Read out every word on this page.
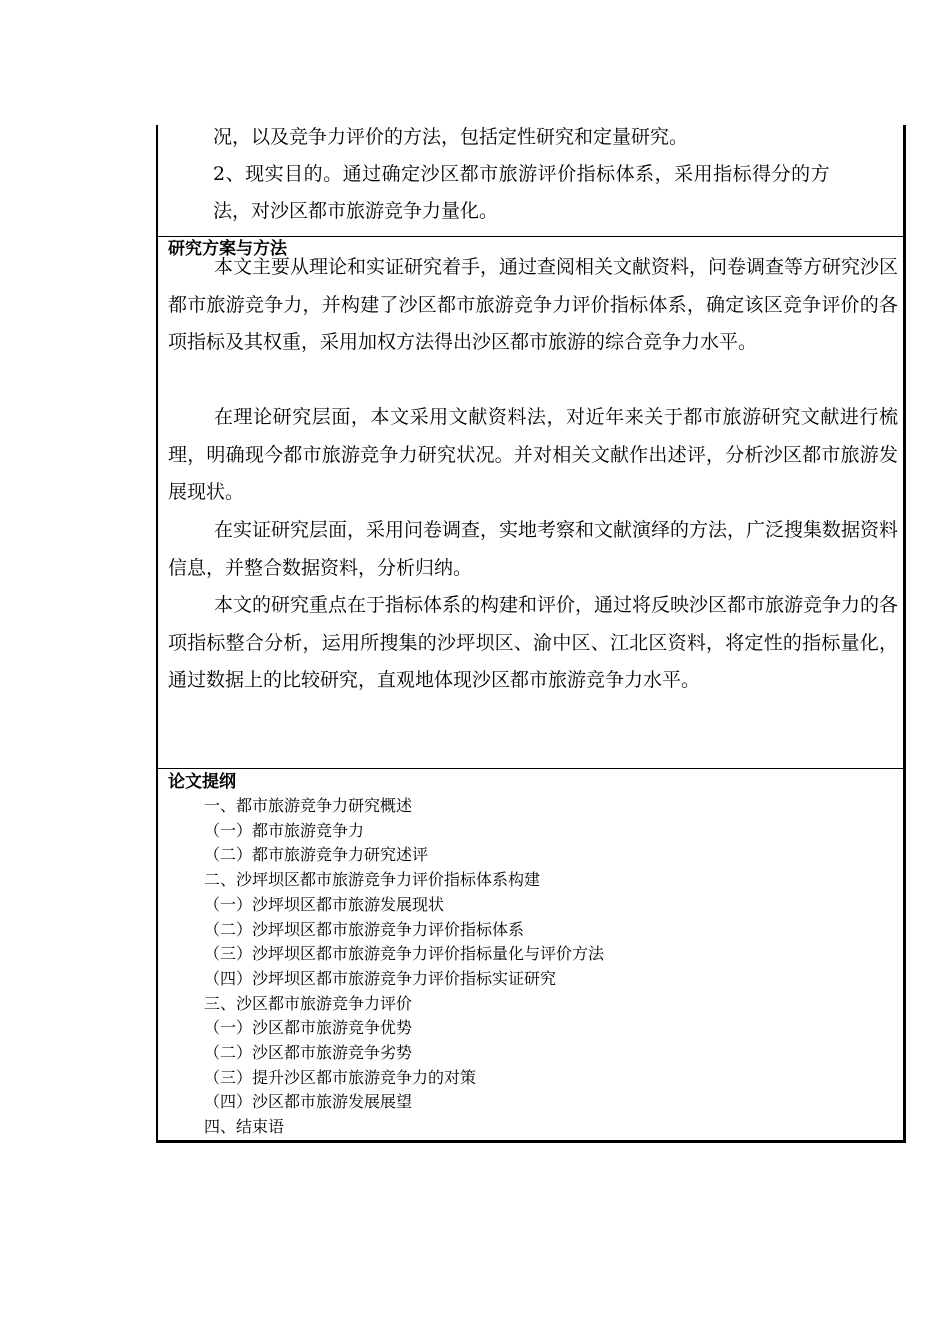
况，以及竞争力评价的方法，包括定性研究和定量研究。
2、现实目的。通过确定沙区都市旅游评价指标体系，采用指标得分的方
法，对沙区都市旅游竞争力量化。
研究方案与方法
本文主要从理论和实证研究着手，通过查阅相关文献资料，问卷调查等方研究沙区都市旅游竞争力，并构建了沙区都市旅游竞争力评价指标体系，确定该区竞争评价的各项指标及其权重，采用加权方法得出沙区都市旅游的综合竞争力水平。
在理论研究层面，本文采用文献资料法，对近年来关于都市旅游研究文献进行梳理，明确现今都市旅游竞争力研究状况。并对相关文献作出述评，分析沙区都市旅游发展现状。
在实证研究层面，采用问卷调查，实地考察和文献演绎的方法，广泛搜集数据资料信息，并整合数据资料，分析归纳。
本文的研究重点在于指标体系的构建和评价，通过将反映沙区都市旅游竞争力的各项指标整合分析，运用所搜集的沙坪坝区、渝中区、江北区资料，将定性的指标量化，通过数据上的比较研究，直观地体现沙区都市旅游竞争力水平。
论文提纲
一、都市旅游竞争力研究概述
（一）都市旅游竞争力
（二）都市旅游竞争力研究述评
二、沙坪坝区都市旅游竞争力评价指标体系构建
（一）沙坪坝区都市旅游发展现状
（二）沙坪坝区都市旅游竞争力评价指标体系
（三）沙坪坝区都市旅游竞争力评价指标量化与评价方法
（四）沙坪坝区都市旅游竞争力评价指标实证研究
三、沙区都市旅游竞争力评价
（一）沙区都市旅游竞争优势
（二）沙区都市旅游竞争劣势
（三）提升沙区都市旅游竞争力的对策
（四）沙区都市旅游发展展望
四、结束语
